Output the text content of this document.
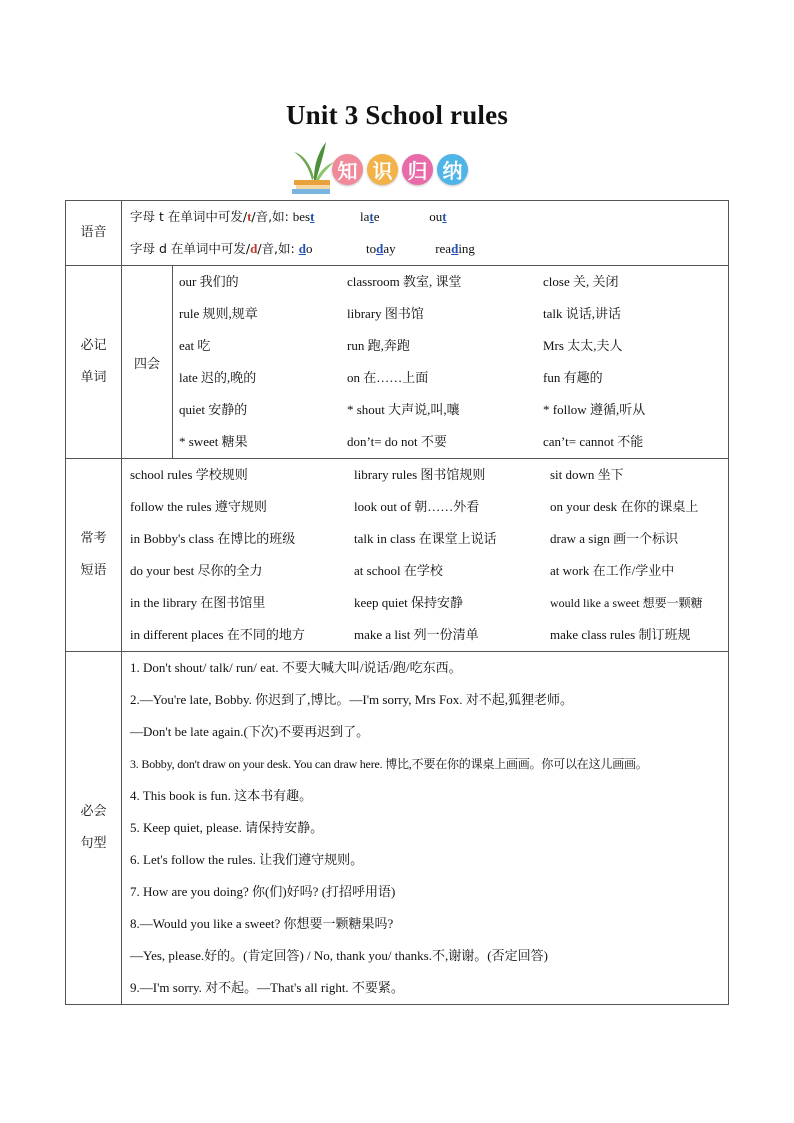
Unit 3 School rules
知 识 归 纳
语音	
字母 t 在单词中可发/t/音,如: best	late	out
字母 d 在单词中可发/d/音,如: do	today	reading

必记
单词

四会	
our 我们的	classroom 教室, 课堂	close 关, 关闭
rule 规则,规章	library 图书馆	talk 说话,讲话
eat 吃	run 跑,奔跑	Mrs 太太,夫人
late 迟的,晚的	on 在……上面	fun 有趣的
quiet 安静的	* shout 大声说,叫,嚷	* follow 遵循,听从
* sweet 糖果	don’t= do not 不要	can’t= cannot 不能

常考
短语

school rules 学校规则	library rules 图书馆规则	sit down 坐下
follow the rules 遵守规则	look out of 朝……外看	on your desk 在你的课桌上
in Bobby's class 在博比的班级	talk in class 在课堂上说话	draw a sign 画一个标识
do your best 尽你的全力	at school 在学校	at work 在工作/学业中
in the library 在图书馆里	keep quiet 保持安静	would like a sweet 想要一颗糖
in different places 在不同的地方	make a list 列一份清单	make class rules 制订班规

必会
句型

1. Don't shout/ talk/ run/ eat. 不要大喊大叫/说话/跑/吃东西。
2.—You're late, Bobby. 你迟到了,博比。—I'm sorry, Mrs Fox. 对不起,狐狸老师。
—Don't be late again.(下次)不要再迟到了。
3. Bobby, don't draw on your desk. You can draw here. 博比,不要在你的课桌上画画。你可以在这儿画画。
4. This book is fun. 这本书有趣。
5. Keep quiet, please. 请保持安静。
6. Let's follow the rules. 让我们遵守规则。
7. How are you doing? 你(们)好吗? (打招呼用语)
8.—Would you like a sweet? 你想要一颗糖果吗?
—Yes, please.好的。(肯定回答) / No, thank you/ thanks.不,谢谢。(否定回答)
9.—I'm sorry. 对不起。—That's all right. 不要紧。
